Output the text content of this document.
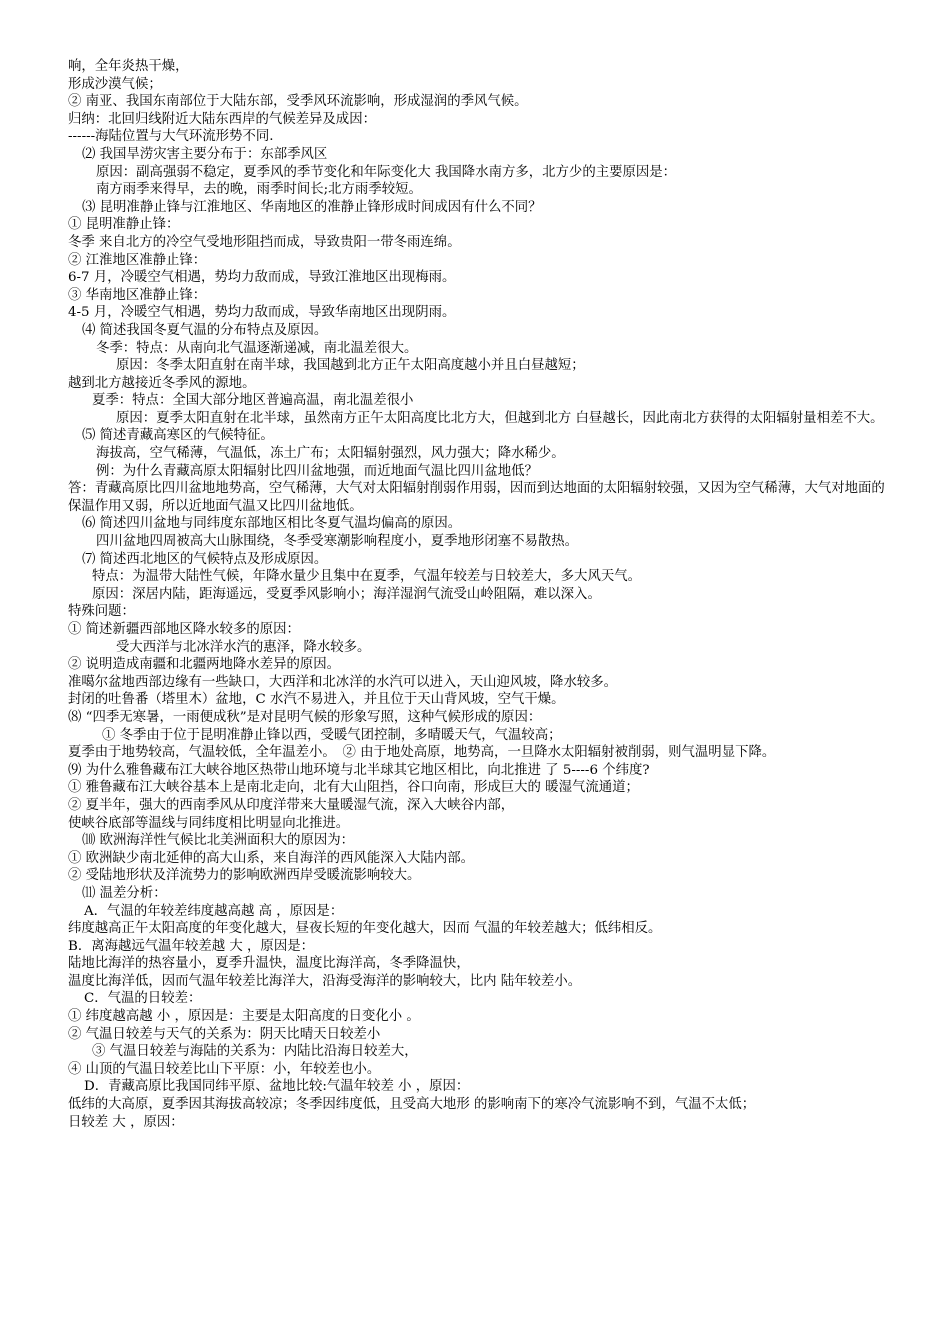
响，全年炎热干燥，
形成沙漠气候；
② 南亚、我国东南部位于大陆东部，受季风环流影响，形成湿润的季风气候。
归纳：北回归线附近大陆东西岸的气候差异及成因：
------海陆位置与大气环流形势不同.
⑵ 我国旱涝灾害主要分布于：东部季风区
原因：副高强弱不稳定，夏季风的季节变化和年际变化大 我国降水南方多，北方少的主要原因是：
南方雨季来得早，去的晚，雨季时间长;北方雨季较短。
⑶ 昆明准静止锋与江淮地区、华南地区的准静止锋形成时间成因有什么不同？
① 昆明准静止锋：
冬季 来自北方的冷空气受地形阻挡而成，导致贵阳一带冬雨连绵。
② 江淮地区准静止锋：
6-7 月，冷暖空气相遇，势均力敌而成，导致江淮地区出现梅雨。
③ 华南地区准静止锋：
4-5 月，冷暖空气相遇，势均力敌而成，导致华南地区出现阴雨。
⑷ 简述我国冬夏气温的分布特点及原因。
冬季：特点：从南向北气温逐渐递减，南北温差很大。
原因：冬季太阳直射在南半球，我国越到北方正午太阳高度越小并且白昼越短；
越到北方越接近冬季风的源地。
夏季：特点：全国大部分地区普遍高温，南北温差很小
原因：夏季太阳直射在北半球，虽然南方正午太阳高度比北方大，但越到北方 白昼越长，因此南北方获得的太阳辐射量相差不大。
⑸ 简述青藏高寒区的气候特征。
海拔高，空气稀薄，气温低，冻土广布；太阳辐射强烈，风力强大；降水稀少。
例：为什么青藏高原太阳辐射比四川盆地强，而近地面气温比四川盆地低？
答：青藏高原比四川盆地地势高，空气稀薄，大气对太阳辐射削弱作用弱，因而到达地面的太阳辐射较强，又因为空气稀薄，大气对地面的保温作用又弱，所以近地面气温又比四川盆地低。
⑹ 简述四川盆地与同纬度东部地区相比冬夏气温均偏高的原因。
四川盆地四周被高大山脉围绕，冬季受寒潮影响程度小，夏季地形闭塞不易散热。
⑺ 简述西北地区的气候特点及形成原因。
特点：为温带大陆性气候，年降水量少且集中在夏季，气温年较差与日较差大，多大风天气。
原因：深居内陆，距海遥远，受夏季风影响小；海洋湿润气流受山岭阻隔，难以深入。
特殊问题：
① 简述新疆西部地区降水较多的原因：
受大西洋与北冰洋水汽的惠泽，降水较多。
② 说明造成南疆和北疆两地降水差异的原因。
准噶尔盆地西部边缘有一些缺口，大西洋和北冰洋的水汽可以进入，天山迎风坡，降水较多。
封闭的吐鲁番（塔里木）盆地，C 水汽不易进入，并且位于天山背风坡，空气干燥。
⑻ “四季无寒暑，一雨便成秋”是对昆明气候的形象写照，这种气候形成的原因：
① 冬季由于位于昆明准静止锋以西，受暖气团控制，多晴暖天气，气温较高；
夏季由于地势较高，气温较低，全年温差小。　② 由于地处高原，地势高，一旦降水太阳辐射被削弱，则气温明显下降。
⑼ 为什么雅鲁藏布江大峡谷地区热带山地环境与北半球其它地区相比，向北推进 了 5----6 个纬度?
① 雅鲁藏布江大峡谷基本上是南北走向，北有大山阻挡，谷口向南，形成巨大的 暖湿气流通道；
② 夏半年，强大的西南季风从印度洋带来大量暖湿气流，深入大峡谷内部，
使峡谷底部等温线与同纬度相比明显向北推进。
⑽ 欧洲海洋性气候比北美洲面积大的原因为：
① 欧洲缺少南北延伸的高大山系，来自海洋的西风能深入大陆内部。
② 受陆地形状及洋流势力的影响欧洲西岸受暖流影响较大。
⑾ 温差分析：
A．气温的年较差纬度越高越 高 ，原因是：
纬度越高正午太阳高度的年变化越大，昼夜长短的年变化越大，因而 气温的年较差越大；低纬相反。
B．离海越远气温年较差越 大 ，原因是：
陆地比海洋的热容量小，夏季升温快，温度比海洋高，冬季降温快，
温度比海洋低，因而气温年较差比海洋大，沿海受海洋的影响较大，比内 陆年较差小。
C．气温的日较差：
① 纬度越高越 小 ，原因是：主要是太阳高度的日变化小 。
② 气温日较差与天气的关系为：阴天比晴天日较差小
③ 气温日较差与海陆的关系为：内陆比沿海日较差大，
④ 山顶的气温日较差比山下平原：小，年较差也小。
D．青藏高原比我国同纬平原、盆地比较:气温年较差 小 ，原因：
低纬的大高原，夏季因其海拔高较凉；冬季因纬度低，且受高大地形 的影响南下的寒冷气流影响不到，气温不太低；
日较差 大 ，原因：
